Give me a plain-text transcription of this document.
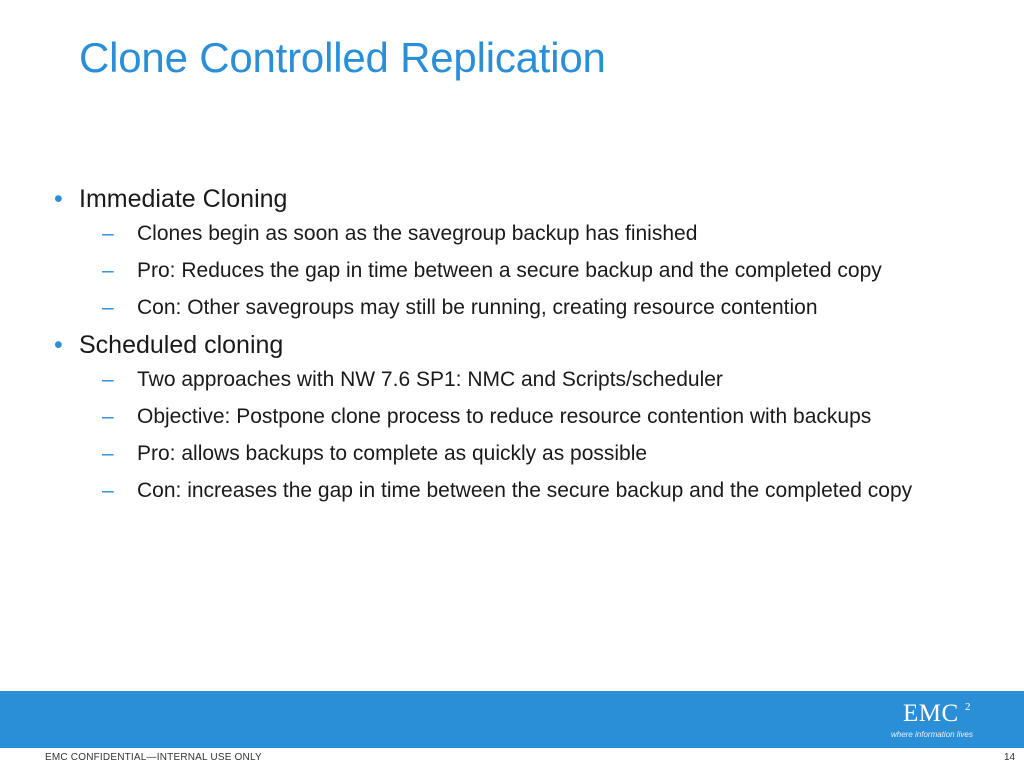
Clone Controlled Replication
• Immediate Cloning
– Clones begin as soon as the savegroup backup has finished
– Pro: Reduces the gap in time between a secure backup and the completed copy
– Con: Other savegroups may still be running, creating resource contention
• Scheduled cloning
– Two approaches with NW 7.6 SP1: NMC and Scripts/scheduler
– Objective: Postpone clone process to reduce resource contention with backups
– Pro: allows backups to complete as quickly as possible
– Con: increases the gap in time between the secure backup and the completed copy
EMC 2
where information lives
EMC CONFIDENTIAL—INTERNAL USE ONLY	14
